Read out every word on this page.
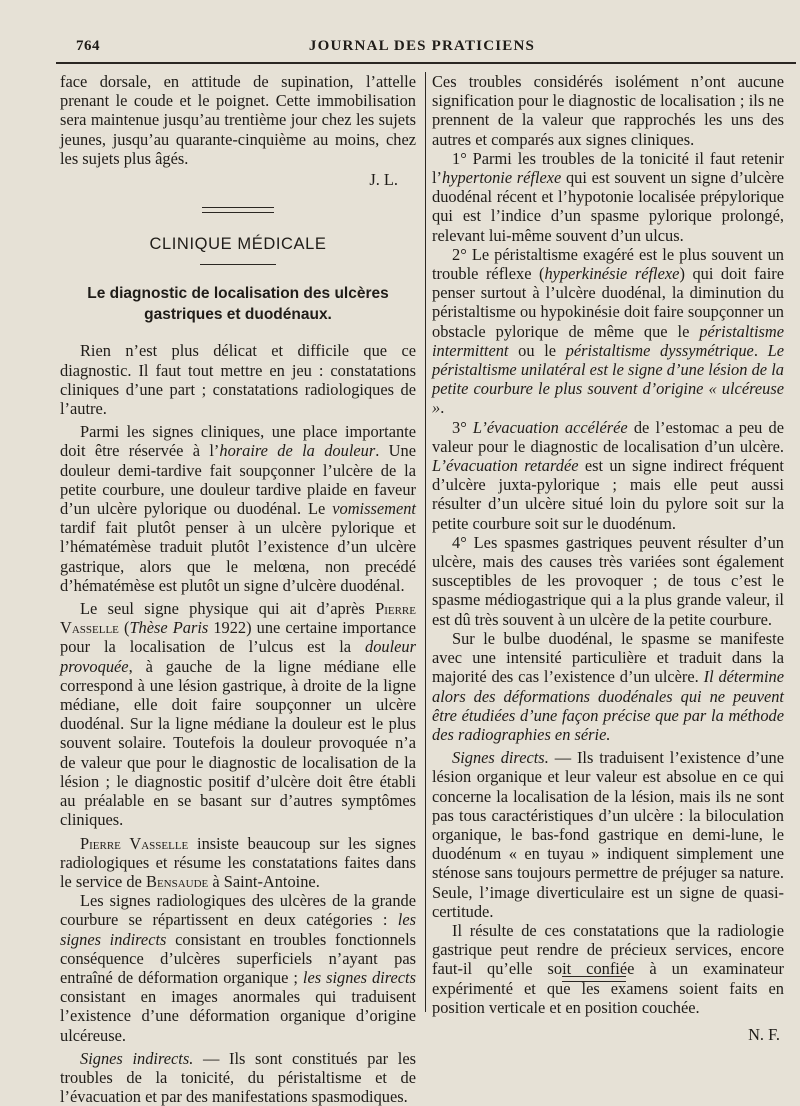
764	JOURNAL DES PRATICIENS

face dorsale, en attitude de supination, l’attelle prenant le coude et le poignet. Cette immobilisation sera maintenue jusqu’au trentième jour chez les sujets jeunes, jusqu’au quarante-cinquième au moins, chez les sujets plus âgés.

J. L.

CLINIQUE MÉDICALE

Le diagnostic de localisation des ulcères gastriques et duodénaux.

Rien n’est plus délicat et difficile que ce diagnostic. Il faut tout mettre en jeu : constatations cliniques d’une part ; constatations radiologiques de l’autre.

Parmi les signes cliniques, une place importante doit être réservée à l’horaire de la douleur. Une douleur demi-tardive fait soupçonner l’ulcère de la petite courbure, une douleur tardive plaide en faveur d’un ulcère pylorique ou duodénal. Le vomissement tardif fait plutôt penser à un ulcère pylorique et l’hématémèse traduit plutôt l’existence d’un ulcère gastrique, alors que le melœna, non precédé d’hématémèse est plutôt un signe d’ulcère duodénal.

Le seul signe physique qui ait d’après Pierre Vasselle (Thèse Paris 1922) une certaine importance pour la localisation de l’ulcus est la douleur provoquée, à gauche de la ligne médiane elle correspond à une lésion gastrique, à droite de la ligne médiane, elle doit faire soupçonner un ulcère duodénal. Sur la ligne médiane la douleur est le plus souvent solaire. Toutefois la douleur provoquée n’a de valeur que pour le diagnostic de localisation de la lésion ; le diagnostic positif d’ulcère doit être établi au préalable en se basant sur d’autres symptômes cliniques.

Pierre Vasselle insiste beaucoup sur les signes radiologiques et résume les constatations faites dans le service de Bensaude à Saint-Antoine.

Les signes radiologiques des ulcères de la grande courbure se répartissent en deux catégories : les signes indirects consistant en troubles fonctionnels conséquence d’ulcères superficiels n’ayant pas entraîné de déformation organique ; les signes directs consistant en images anormales qui traduisent l’existence d’une déformation organique d’origine ulcéreuse.

Signes indirects. — Ils sont constitués par les troubles de la tonicité, du péristaltisme et de l’évacuation et par des manifestations spasmodiques.

Ces troubles considérés isolément n’ont aucune signification pour le diagnostic de localisation ; ils ne prennent de la valeur que rapprochés les uns des autres et comparés aux signes cliniques.

1° Parmi les troubles de la tonicité il faut retenir l’hypertonie réflexe qui est souvent un signe d’ulcère duodénal récent et l’hypotonie localisée prépylorique qui est l’indice d’un spasme pylorique prolongé, relevant lui-même souvent d’un ulcus.

2° Le péristaltisme exagéré est le plus souvent un trouble réflexe (hyperkinésie réflexe) qui doit faire penser surtout à l’ulcère duodénal, la diminution du péristaltisme ou hypokinésie doit faire soupçonner un obstacle pylorique de même que le péristaltisme intermittent ou le péristaltisme dyssymétrique. Le péristaltisme unilatéral est le signe d’une lésion de la petite courbure le plus souvent d’origine « ulcéreuse ».

3° L’évacuation accélérée de l’estomac a peu de valeur pour le diagnostic de localisation d’un ulcère. L’évacuation retardée est un signe indirect fréquent d’ulcère juxta-pylorique ; mais elle peut aussi résulter d’un ulcère situé loin du pylore soit sur la petite courbure soit sur le duodénum.

4° Les spasmes gastriques peuvent résulter d’un ulcère, mais des causes très variées sont également susceptibles de les provoquer ; de tous c’est le spasme médiogastrique qui a la plus grande valeur, il est dû très souvent à un ulcère de la petite courbure.

Sur le bulbe duodénal, le spasme se manifeste avec une intensité particulière et traduit dans la majorité des cas l’existence d’un ulcère. Il détermine alors des déformations duodénales qui ne peuvent être étudiées d’une façon précise que par la méthode des radiographies en série.

Signes directs. — Ils traduisent l’existence d’une lésion organique et leur valeur est absolue en ce qui concerne la localisation de la lésion, mais ils ne sont pas tous caractéristiques d’un ulcère : la biloculation organique, le bas-fond gastrique en demi-lune, le duodénum « en tuyau » indiquent simplement une sténose sans toujours permettre de préjuger sa nature. Seule, l’image diverticulaire est un signe de quasi-certitude.

Il résulte de ces constatations que la radiologie gastrique peut rendre de précieux services, encore faut-il qu’elle soit confiée à un examinateur expérimenté et que les examens soient faits en position verticale et en position couchée.

N. F.
